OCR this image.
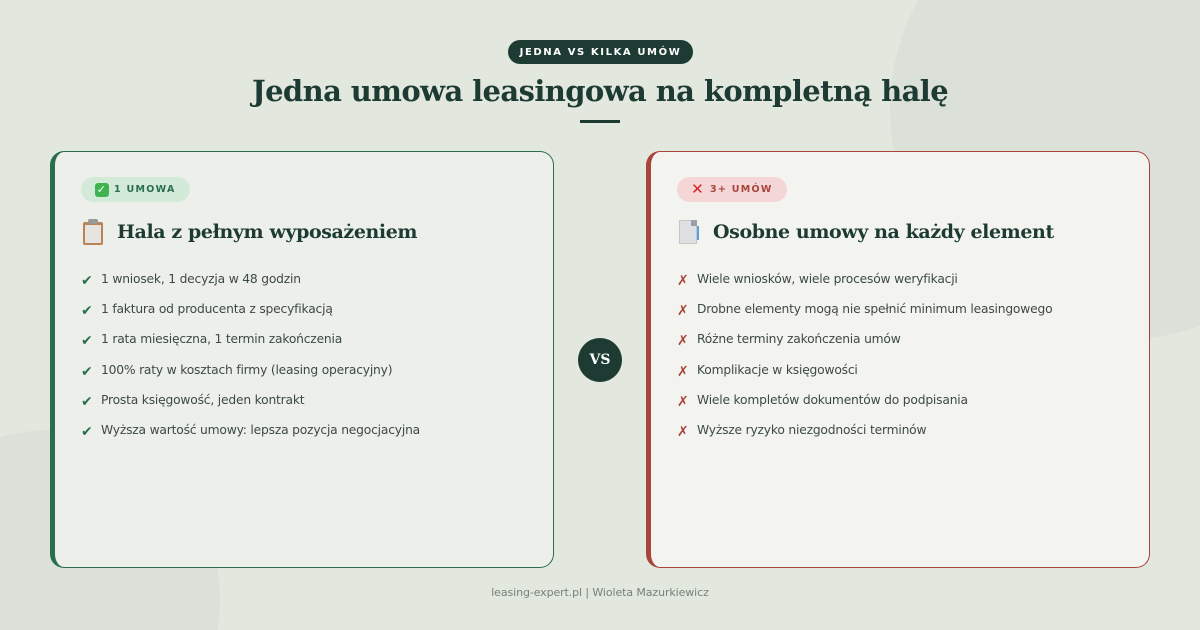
JEDNA VS KILKA UMÓW
Jedna umowa leasingowa na kompletną halę
✓ 1 UMOWA
Hala z pełnym wyposażeniem
✔ 1 wniosek, 1 decyzja w 48 godzin
✔ 1 faktura od producenta z specyfikacją
✔ 1 rata miesięczna, 1 termin zakończenia
✔ 100% raty w kosztach firmy (leasing operacyjny)
✔ Prosta księgowość, jeden kontrakt
✔ Wyższa wartość umowy: lepsza pozycja negocjacyjna
VS
✕ 3+ UMÓW
Osobne umowy na każdy element
✗ Wiele wniosków, wiele procesów weryfikacji
✗ Drobne elementy mogą nie spełnić minimum leasingowego
✗ Różne terminy zakończenia umów
✗ Komplikacje w księgowości
✗ Wiele kompletów dokumentów do podpisania
✗ Wyższe ryzyko niezgodności terminów
leasing-expert.pl | Wioleta Mazurkiewicz
